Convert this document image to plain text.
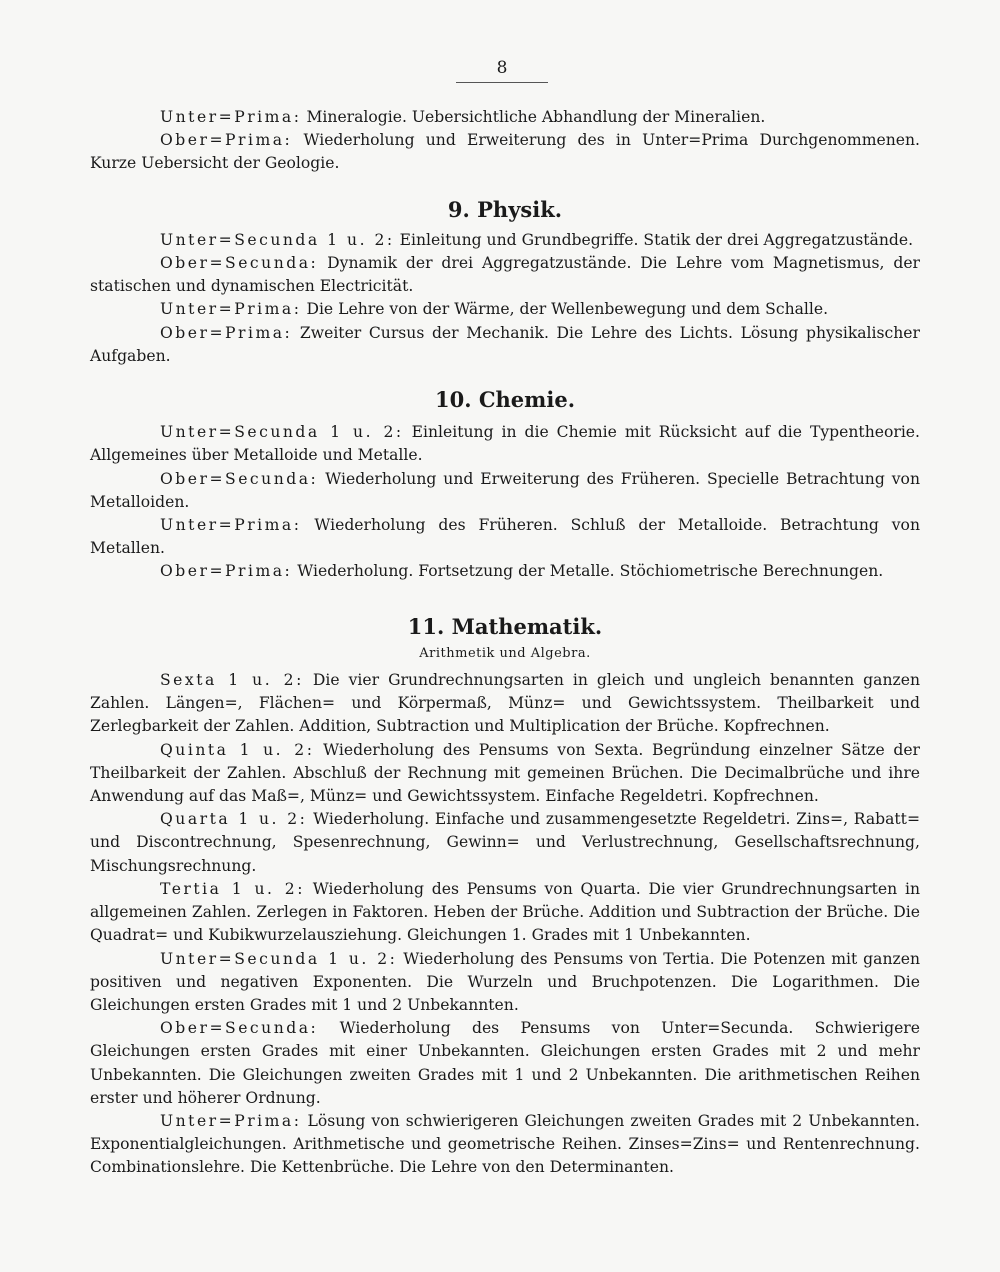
8

Unter=Prima: Mineralogie. Uebersichtliche Abhandlung der Mineralien.

Ober=Prima: Wiederholung und Erweiterung des in Unter=Prima Durchgenommenen. Kurze Uebersicht der Geologie.

9. Physik.

Unter=Secunda 1 u. 2: Einleitung und Grundbegriffe. Statik der drei Aggregatzustände.

Ober=Secunda: Dynamik der drei Aggregatzustände. Die Lehre vom Magnetismus, der statischen und dynamischen Electricität.

Unter=Prima: Die Lehre von der Wärme, der Wellenbewegung und dem Schalle.

Ober=Prima: Zweiter Cursus der Mechanik. Die Lehre des Lichts. Lösung physikalischer Aufgaben.

10. Chemie.

Unter=Secunda 1 u. 2: Einleitung in die Chemie mit Rücksicht auf die Typentheorie. Allgemeines über Metalloide und Metalle.

Ober=Secunda: Wiederholung und Erweiterung des Früheren. Specielle Betrachtung von Metalloiden.

Unter=Prima: Wiederholung des Früheren. Schluß der Metalloide. Betrachtung von Metallen.

Ober=Prima: Wiederholung. Fortsetzung der Metalle. Stöchiometrische Berechnungen.

11. Mathematik.

Arithmetik und Algebra.

Sexta 1 u. 2: Die vier Grundrechnungsarten in gleich und ungleich benannten ganzen Zahlen. Längen=, Flächen= und Körpermaß, Münz= und Gewichtssystem. Theilbarkeit und Zerlegbarkeit der Zahlen. Addition, Subtraction und Multiplication der Brüche. Kopfrechnen.

Quinta 1 u. 2: Wiederholung des Pensums von Sexta. Begründung einzelner Sätze der Theilbarkeit der Zahlen. Abschluß der Rechnung mit gemeinen Brüchen. Die Decimalbrüche und ihre Anwendung auf das Maß=, Münz= und Gewichtssystem. Einfache Regeldetri. Kopfrechnen.

Quarta 1 u. 2: Wiederholung. Einfache und zusammengesetzte Regeldetri. Zins=, Rabatt= und Discontrechnung, Spesenrechnung, Gewinn= und Verlustrechnung, Gesellschaftsrechnung, Mischungsrechnung.

Tertia 1 u. 2: Wiederholung des Pensums von Quarta. Die vier Grundrechnungsarten in allgemeinen Zahlen. Zerlegen in Faktoren. Heben der Brüche. Addition und Subtraction der Brüche. Die Quadrat= und Kubikwurzelausziehung. Gleichungen 1. Grades mit 1 Unbekannten.

Unter=Secunda 1 u. 2: Wiederholung des Pensums von Tertia. Die Potenzen mit ganzen positiven und negativen Exponenten. Die Wurzeln und Bruchpotenzen. Die Logarithmen. Die Gleichungen ersten Grades mit 1 und 2 Unbekannten.

Ober=Secunda: Wiederholung des Pensums von Unter=Secunda. Schwierigere Gleichungen ersten Grades mit einer Unbekannten. Gleichungen ersten Grades mit 2 und mehr Unbekannten. Die Gleichungen zweiten Grades mit 1 und 2 Unbekannten. Die arithmetischen Reihen erster und höherer Ordnung.

Unter=Prima: Lösung von schwierigeren Gleichungen zweiten Grades mit 2 Unbekannten. Exponentialgleichungen. Arithmetische und geometrische Reihen. Zinses=Zins= und Rentenrechnung. Combinationslehre. Die Kettenbrüche. Die Lehre von den Determinanten.
